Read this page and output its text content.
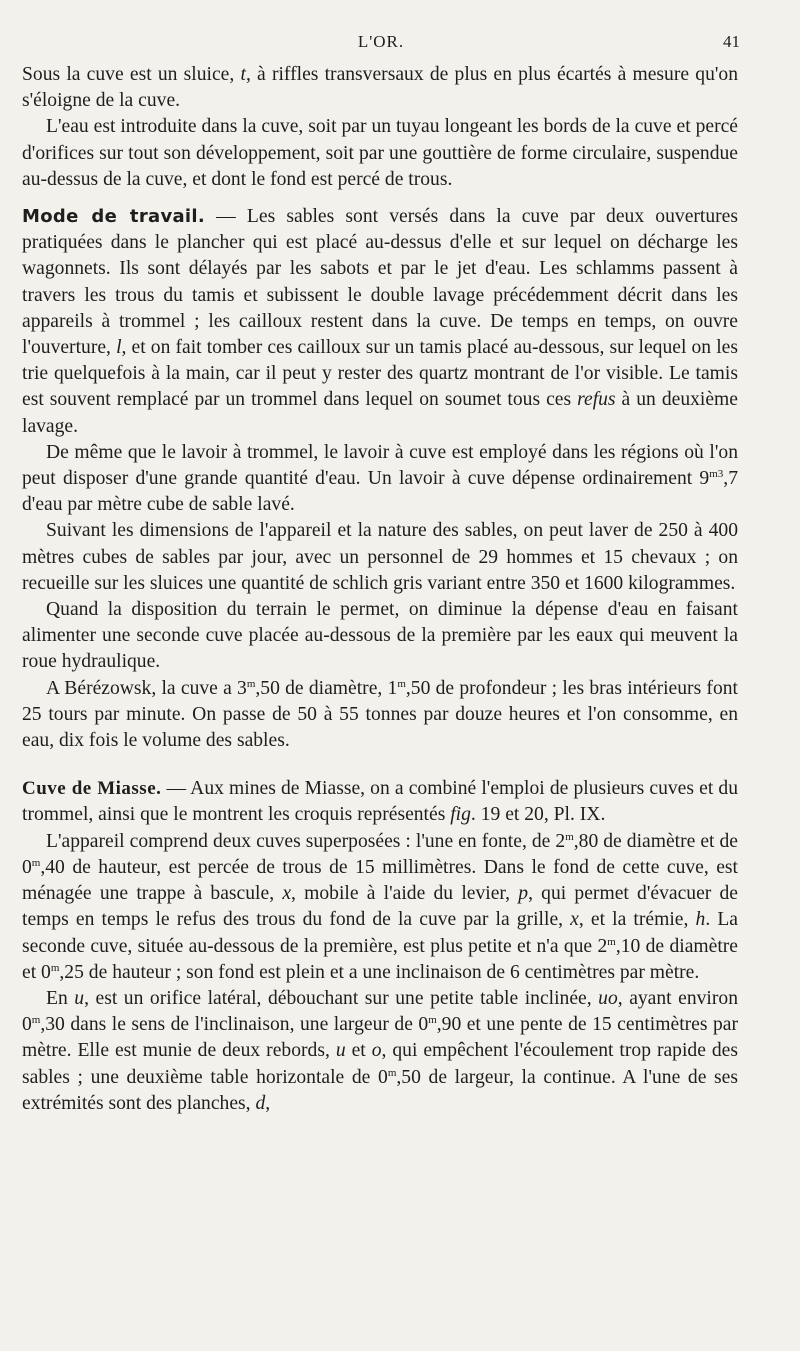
L'OR.	41

Sous la cuve est un sluice, t, à riffles transversaux de plus en plus écartés à mesure qu'on s'éloigne de la cuve.

L'eau est introduite dans la cuve, soit par un tuyau longeant les bords de la cuve et percé d'orifices sur tout son développement, soit par une gouttière de forme circulaire, suspendue au-dessus de la cuve, et dont le fond est percé de trous.

Mode de travail. — Les sables sont versés dans la cuve par deux ouvertures pratiquées dans le plancher qui est placé au-dessus d'elle et sur lequel on décharge les wagonnets. Ils sont délayés par les sabots et par le jet d'eau. Les schlamms passent à travers les trous du tamis et subissent le double lavage précédemment décrit dans les appareils à trommel ; les cailloux restent dans la cuve. De temps en temps, on ouvre l'ouverture, l, et on fait tomber ces cailloux sur un tamis placé au-dessous, sur lequel on les trie quelquefois à la main, car il peut y rester des quartz montrant de l'or visible. Le tamis est souvent remplacé par un trommel dans lequel on soumet tous ces refus à un deuxième lavage.

De même que le lavoir à trommel, le lavoir à cuve est employé dans les régions où l'on peut disposer d'une grande quantité d'eau. Un lavoir à cuve dépense ordinairement $9^{m3},7$ d'eau par mètre cube de sable lavé.

Suivant les dimensions de l'appareil et la nature des sables, on peut laver de 250 à 400 mètres cubes de sables par jour, avec un personnel de 29 hommes et 15 chevaux ; on recueille sur les sluices une quantité de schlich gris variant entre 350 et 1600 kilogrammes.

Quand la disposition du terrain le permet, on diminue la dépense d'eau en faisant alimenter une seconde cuve placée au-dessous de la première par les eaux qui meuvent la roue hydraulique.

A Bérézowsk, la cuve a 3$^m$,50 de diamètre, 1$^m$,50 de profondeur ; les bras intérieurs font 25 tours par minute. On passe de 50 à 55 tonnes par douze heures et l'on consomme, en eau, dix fois le volume des sables.

Cuve de Miasse. — Aux mines de Miasse, on a combiné l'emploi de plusieurs cuves et du trommel, ainsi que le montrent les croquis représentés fig. 19 et 20, Pl. IX.

L'appareil comprend deux cuves superposées : l'une en fonte, de 2$^m$,80 de diamètre et de 0$^m$,40 de hauteur, est percée de trous de 15 millimètres. Dans le fond de cette cuve, est ménagée une trappe à bascule, x, mobile à l'aide du levier, p, qui permet d'évacuer de temps en temps le refus des trous du fond de la cuve par la grille, x, et la trémie, h. La seconde cuve, située au-dessous de la première, est plus petite et n'a que 2$^m$,10 de diamètre et 0$^m$,25 de hauteur ; son fond est plein et a une inclinaison de 6 centimètres par mètre.

En u, est un orifice latéral, débouchant sur une petite table inclinée, uo, ayant environ 0$^m$,30 dans le sens de l'inclinaison, une largeur de 0$^m$,90 et une pente de 15 centimètres par mètre. Elle est munie de deux rebords, u et o, qui empêchent l'écoulement trop rapide des sables ; une deuxième table horizontale de 0$^m$,50 de largeur, la continue. A l'une de ses extrémités sont des planches, d,
